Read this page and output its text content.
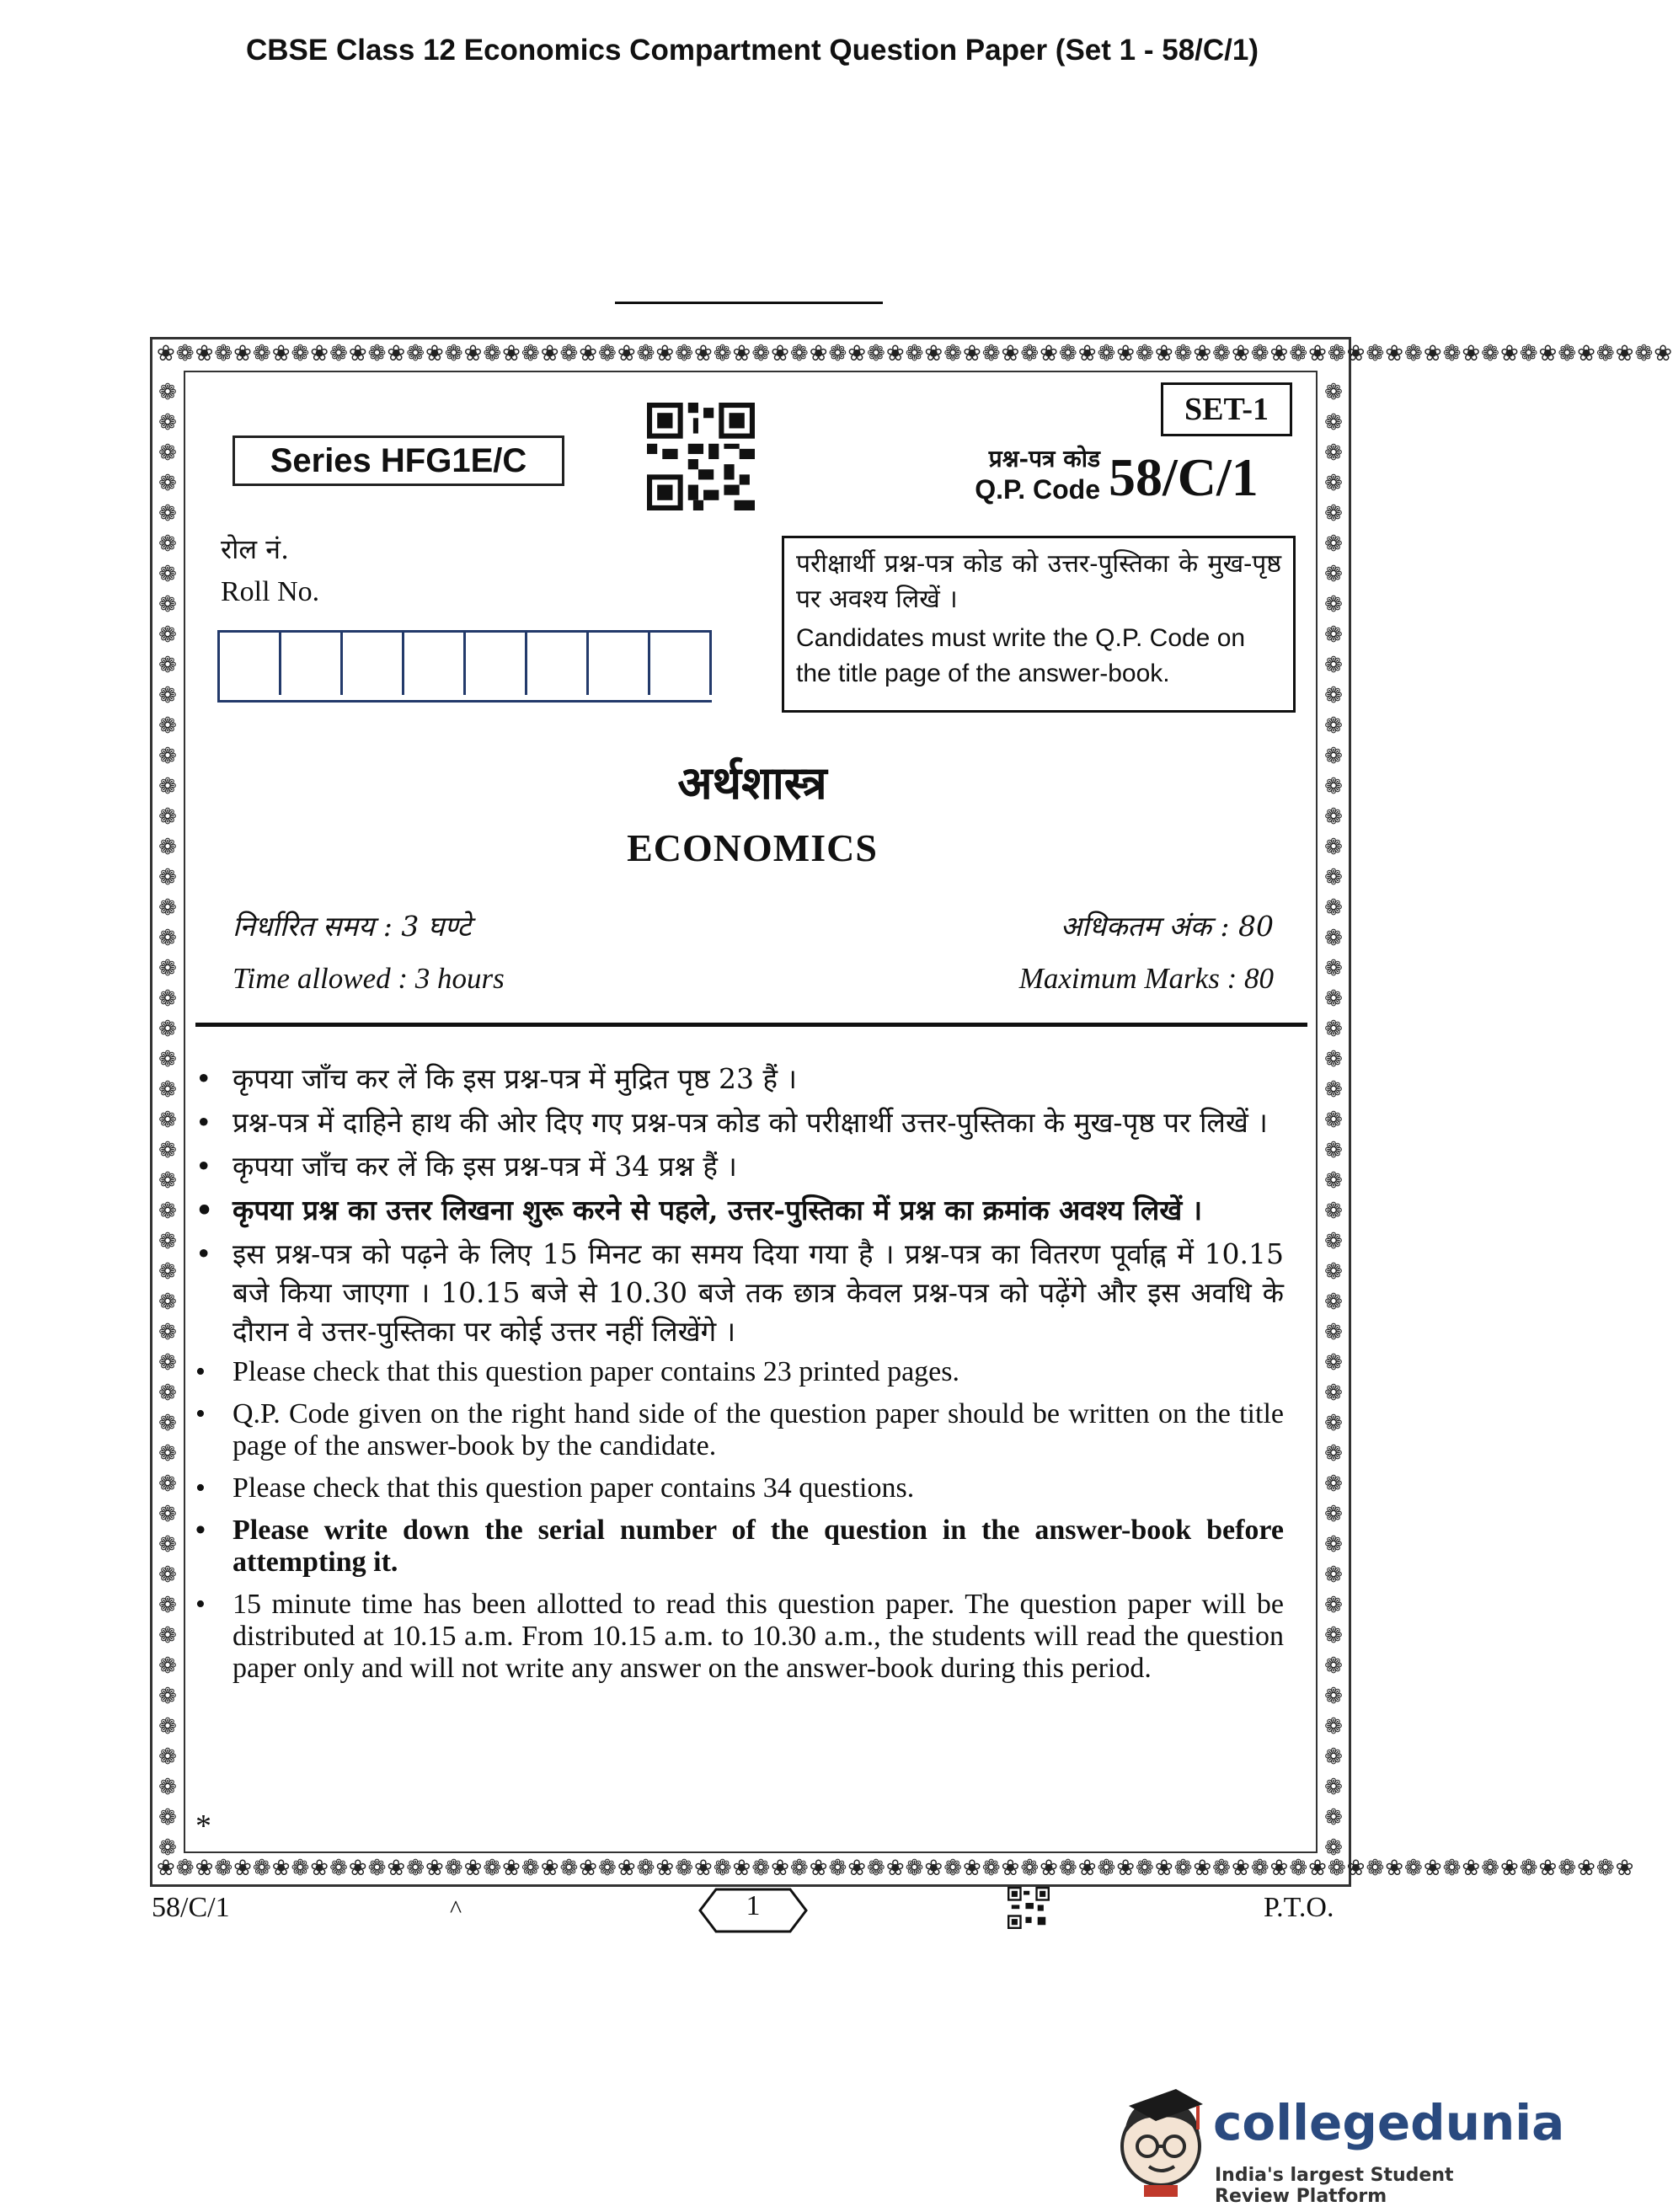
CBSE Class 12 Economics Compartment Question Paper (Set 1 - 58/C/1)
❀❁❀❁❀❁❀❁❀❁❀❁❀❁❀❁❀❁❀❁❀❁❀❁❀❁❀❁❀❁❀❁❀❁❀❁❀❁❀❁❀❁❀❁❀❁❀❁❀❁❀❁❀❁❀❁❀❁❀❁❀❁❀❁❀❁❀❁❀❁❀❁❀❁❀❁❀❁❀
❀❁❀❁❀❁❀❁❀❁❀❁❀❁❀❁❀❁❀❁❀❁❀❁❀❁❀❁❀❁❀❁❀❁❀❁❀❁❀❁❀❁❀❁❀❁❀❁❀❁❀❁❀❁❀❁❀❁❀❁❀❁❀❁❀❁❀❁❀❁❀❁❀❁❀❁❀
❁❁❁❁❁❁❁❁❁❁❁❁❁❁❁❁❁❁❁❁❁❁❁❁❁❁❁❁❁❁❁❁❁❁❁❁❁❁❁❁❁❁❁❁❁❁❁❁❁
❁❁❁❁❁❁❁❁❁❁❁❁❁❁❁❁❁❁❁❁❁❁❁❁❁❁❁❁❁❁❁❁❁❁❁❁❁❁❁❁❁❁❁❁❁❁❁❁❁
Series HFG1E/C
SET-1
प्रश्न-पत्र कोड
Q.P. Code 58/C/1
रोल नं.
Roll No.
परीक्षार्थी प्रश्न-पत्र कोड को उत्तर-पुस्तिका के मुख-पृष्ठ पर अवश्य लिखें ।
Candidates must write the Q.P. Code on the title page of the answer-book.
अर्थशास्त्र
ECONOMICS
निर्धारित समय : 3 घण्टे	अधिकतम अंक : 80
Time allowed : 3 hours	Maximum Marks : 80
• कृपया जाँच कर लें कि इस प्रश्न-पत्र में मुद्रित पृष्ठ 23 हैं ।
• प्रश्न-पत्र में दाहिने हाथ की ओर दिए गए प्रश्न-पत्र कोड को परीक्षार्थी उत्तर-पुस्तिका के मुख-पृष्ठ पर लिखें ।
• कृपया जाँच कर लें कि इस प्रश्न-पत्र में 34 प्रश्न हैं ।
• कृपया प्रश्न का उत्तर लिखना शुरू करने से पहले, उत्तर-पुस्तिका में प्रश्न का क्रमांक अवश्य लिखें ।
• इस प्रश्न-पत्र को पढ़ने के लिए 15 मिनट का समय दिया गया है । प्रश्न-पत्र का वितरण पूर्वाह्न में 10.15 बजे किया जाएगा । 10.15 बजे से 10.30 बजे तक छात्र केवल प्रश्न-पत्र को पढ़ेंगे और इस अवधि के दौरान वे उत्तर-पुस्तिका पर कोई उत्तर नहीं लिखेंगे ।
• Please check that this question paper contains 23 printed pages.
• Q.P. Code given on the right hand side of the question paper should be written on the title page of the answer-book by the candidate.
• Please check that this question paper contains 34 questions.
• Please write down the serial number of the question in the answer-book before attempting it.
• 15 minute time has been allotted to read this question paper. The question paper will be distributed at 10.15 a.m. From 10.15 a.m. to 10.30 a.m., the students will read the question paper only and will not write any answer on the answer-book during this period.
*
58/C/1	^	1	P.T.O.
collegedunia
India's largest Student Review Platform
